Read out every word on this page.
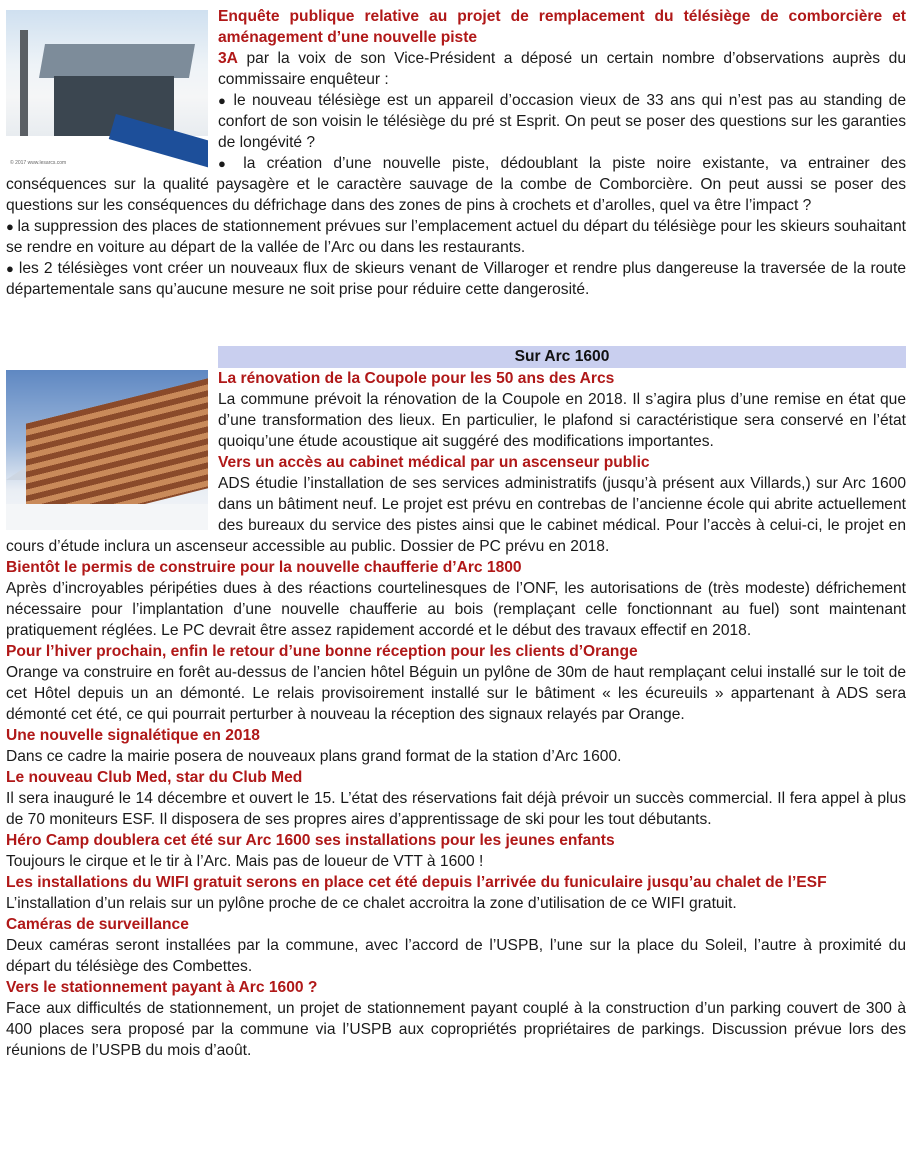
© 2017 www.lesarcs.com

Enquête publique relative au projet de remplacement du télésiège de comborcière et aménagement d’une nouvelle piste

3A par la voix de son Vice-Président a déposé un certain nombre d’observations auprès du commissaire enquêteur :

● le nouveau télésiège est un appareil d’occasion vieux de 33 ans qui n’est pas au standing de confort de son voisin le télésiège du pré st Esprit. On peut se poser des questions sur les garanties de longévité ?

● la création d’une nouvelle piste, dédoublant la piste noire existante, va entrainer des conséquences sur la qualité paysagère et le caractère sauvage de la combe de Comborcière. On peut aussi se poser des questions sur les conséquences du défrichage dans des zones de pins à crochets et d’arolles, quel va être l’impact ?

● la suppression des places de stationnement prévues sur l’emplacement actuel du départ du télésiège pour les skieurs souhaitant se rendre en voiture au départ de la vallée de l’Arc ou dans les restaurants.

● les 2 télésièges vont créer un nouveaux flux de skieurs venant de Villaroger et rendre plus dangereuse la traversée de la route départementale sans qu’aucune mesure ne soit prise pour réduire cette dangerosité.

Sur Arc 1600

La rénovation de la Coupole pour les 50 ans des Arcs

La commune prévoit la rénovation de la Coupole en 2018. Il s’agira plus d’une remise en état que d’une transformation des lieux. En particulier, le plafond si caractéristique sera conservé en l’état quoiqu’une étude acoustique ait suggéré des modifications importantes.

Vers un accès au cabinet médical par un ascenseur public

ADS étudie l’installation de ses services administratifs (jusqu’à présent aux Villards,) sur Arc 1600 dans un bâtiment neuf. Le projet est prévu en contrebas de l’ancienne école qui abrite actuellement des bureaux du service des pistes ainsi que le cabinet médical. Pour l’accès à celui-ci, le projet en cours d’étude inclura un ascenseur accessible au public. Dossier de PC prévu en 2018.

Bientôt le permis de construire pour la nouvelle chaufferie d’Arc 1800

Après d’incroyables péripéties dues à des réactions courtelinesques de l’ONF, les autorisations de (très modeste) défrichement nécessaire pour l’implantation d’une nouvelle chaufferie au bois (remplaçant celle fonctionnant au fuel) sont maintenant pratiquement réglées. Le PC devrait être assez rapidement accordé et le début des travaux effectif en 2018.

Pour l’hiver prochain, enfin le retour d’une bonne réception pour les clients d’Orange

Orange va construire en forêt au-dessus de l’ancien hôtel Béguin un pylône de 30m de haut remplaçant celui installé sur le toit de cet Hôtel depuis un an démonté. Le relais provisoirement installé sur le bâtiment « les écureuils » appartenant à ADS sera démonté cet été, ce qui pourrait perturber à nouveau la réception des signaux relayés par Orange.

Une nouvelle signalétique en 2018

Dans ce cadre la mairie posera de nouveaux plans grand format de la station d’Arc 1600.

Le nouveau Club Med, star du Club Med

Il sera inauguré le 14 décembre et ouvert le 15. L’état des réservations fait déjà prévoir un succès commercial. Il fera appel à plus de 70 moniteurs ESF. Il disposera de ses propres aires d’apprentissage de ski pour les tout débutants.

Héro Camp doublera cet été sur Arc 1600 ses installations pour les jeunes enfants

Toujours le cirque et le tir à l’Arc. Mais pas de loueur de VTT à 1600 !

Les installations du WIFI gratuit serons en place cet été depuis l’arrivée du funiculaire jusqu’au chalet de l’ESF

L’installation d’un relais sur un pylône proche de ce chalet accroitra la zone d’utilisation de ce WIFI gratuit.

Caméras de surveillance

Deux caméras seront installées par la commune, avec l’accord de l’USPB, l’une sur la place du Soleil, l’autre à proximité du départ du télésiège des Combettes.

Vers le stationnement payant à Arc 1600 ?

Face aux difficultés de stationnement, un projet de stationnement payant couplé à la construction d’un parking couvert de 300 à 400 places sera proposé par la commune via l’USPB aux copropriétés propriétaires de parkings. Discussion prévue lors des réunions de l’USPB du mois d’août.
